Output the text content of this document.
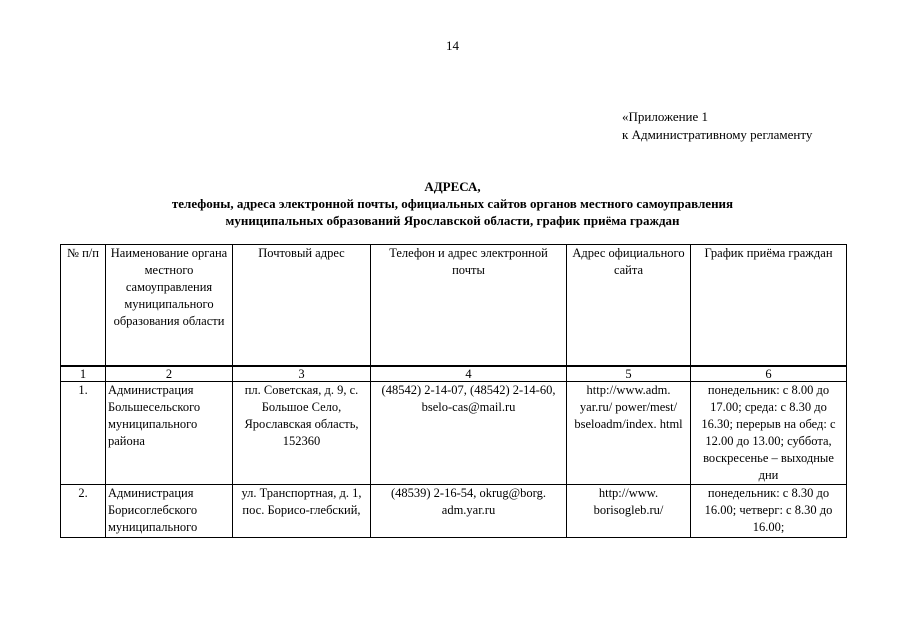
14
«Приложение 1
к Административному регламенту
АДРЕСА,
телефоны, адреса электронной почты, официальных сайтов органов местного самоуправления
муниципальных образований Ярославской области, график приёма граждан
№ п/п	Наименование органа местного самоуправления муниципального образования области	Почтовый адрес	Телефон и адрес электронной почты	Адрес официального сайта	График приёма граждан
1	2	3	4	5	6
1.	Администрация Большесельского муниципального района	пл. Советская, д. 9, с. Большое Село, Ярославская область, 152360	(48542) 2-14-07, (48542) 2-14-60, bselo-cas@mail.ru	http://www.adm. yar.ru/ power/mest/ bseloadm/index. html	понедельник: с 8.00 до 17.00; среда: с 8.30 до 16.30; перерыв на обед: с 12.00 до 13.00; суббота, воскресенье – выходные дни
2.	Администрация Борисоглебского муниципального	ул. Транспортная, д. 1, пос. Борисо-глебский,	(48539) 2-16-54, okrug@borg. adm.yar.ru	http://www. borisogleb.ru/	понедельник: с 8.30 до 16.00; четверг: с 8.30 до 16.00;
